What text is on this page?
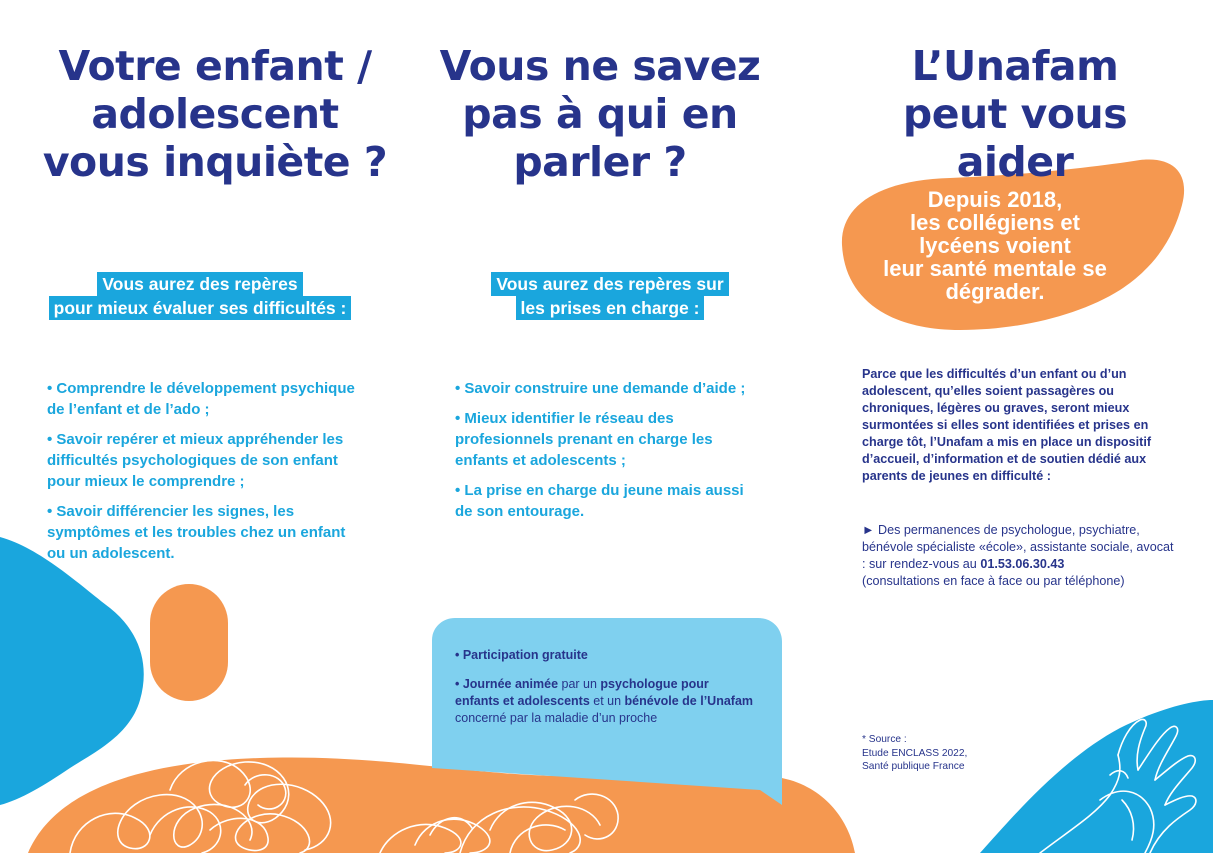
Votre enfant /

adolescent

vous inquiète ?

Vous aurez des repères
pour mieux évaluer ses difficultés :
• Comprendre le développement psychique de l’enfant et de l’ado ;
• Savoir repérer et mieux appréhender les difficultés psychologiques de son enfant pour mieux le comprendre ;
• Savoir différencier les signes, les symptômes et les troubles chez un enfant ou un adolescent.

Vous ne savez

pas à qui en

parler ?

Vous aurez des repères sur
les prises en charge :
• Savoir construire une demande d’aide ;
• Mieux identifier le réseau des profesionnels prenant en charge les enfants et adolescents ;
• La prise en charge du jeune mais aussi de son entourage.
• Participation gratuite
• Journée animée par un psychologue pour enfants et adolescents et un bénévole de l’Unafam concerné par la maladie d’un proche

L’Unafam

peut vous aider

Depuis 2018,
les collégiens et
lycéens voient
leur santé mentale se
dégrader.

Parce que les difficultés d’un enfant ou d’un adolescent, qu’elles soient passagères ou chroniques, légères ou graves, seront mieux surmontées si elles sont identifiées et prises en charge tôt, l’Unafam a mis en place un dispositif d’accueil, d’information et de soutien dédié aux parents de jeunes en difficulté :

► Des permanences de psychologue, psychiatre, bénévole spécialiste «école», assistante sociale, avocat : sur rendez-vous au 01.53.06.30.43
(consultations en face à face ou par téléphone)

* Source :
Etude ENCLASS 2022,
Santé publique France
